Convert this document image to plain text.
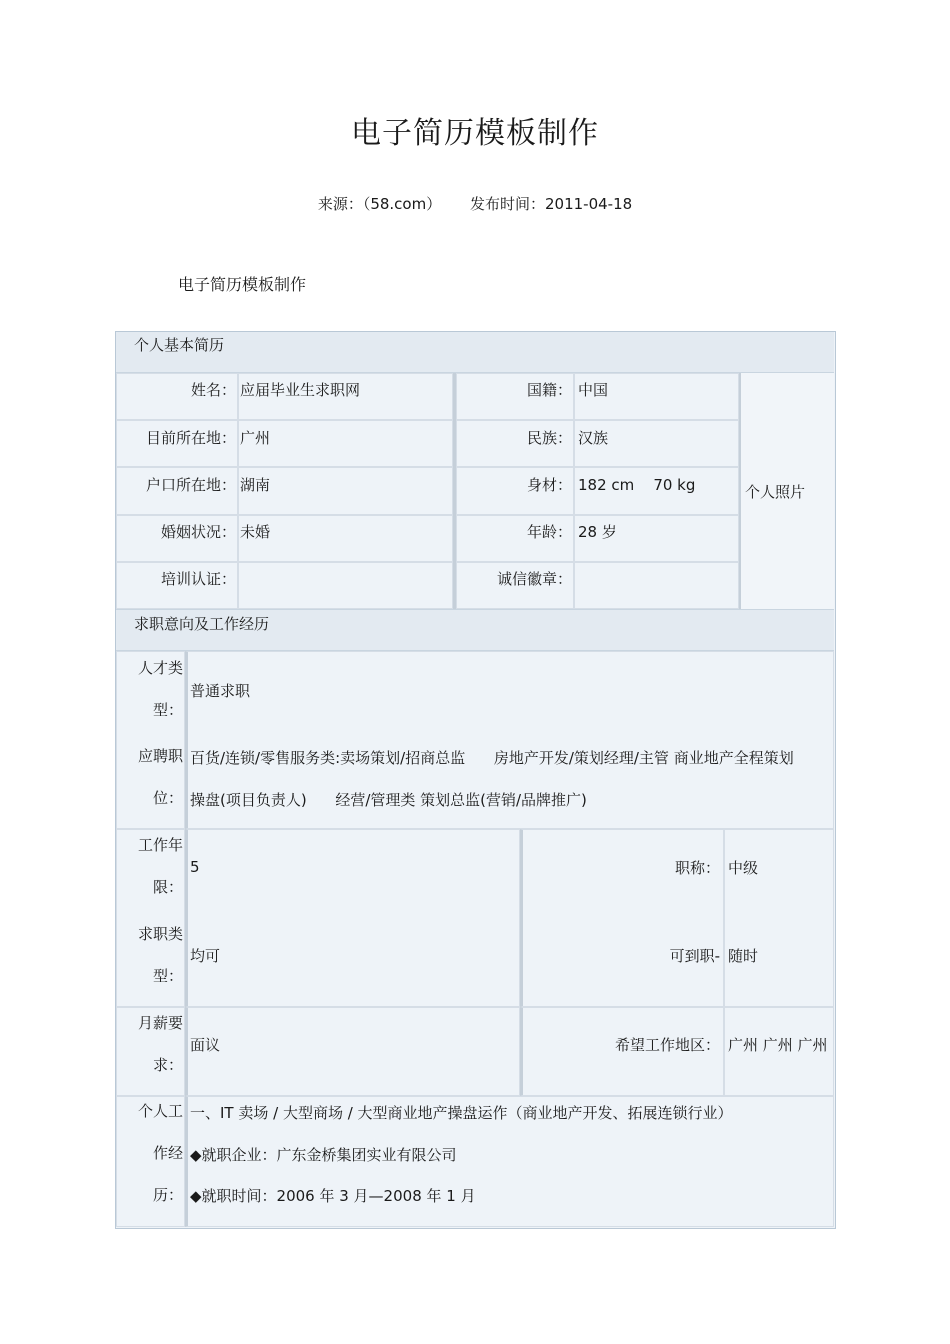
电子简历模板制作
来源：（58.com） 发布时间：2011-04-18
电子简历模板制作
个人基本简历
个人照片
姓名： 应届毕业生求职网	国籍： 中国
目前所在地： 广州	民族： 汉族
户口所在地： 湖南	身材： 182 cm    70 kg
婚姻状况： 未婚	年龄： 28 岁
培训认证：	诚信徽章：
求职意向及工作经历
人才类
型：
普通求职
应聘职
位：
百货/连锁/零售服务类:卖场策划/招商总监      房地产开发/策划经理/主管 商业地产全程策划
操盘(项目负责人)      经营/管理类 策划总监(营销/品牌推广)
工作年
限：
5	职称： 中级
求职类
型：
均可	可到职- 随时
月薪要
求：
面议	希望工作地区： 广州 广州 广州
个人工
作经
历：
一、IT 卖场 / 大型商场 / 大型商业地产操盘运作（商业地产开发、拓展连锁行业）
◆就职企业：广东金桥集团实业有限公司
◆就职时间：2006 年 3 月—2008 年 1 月
